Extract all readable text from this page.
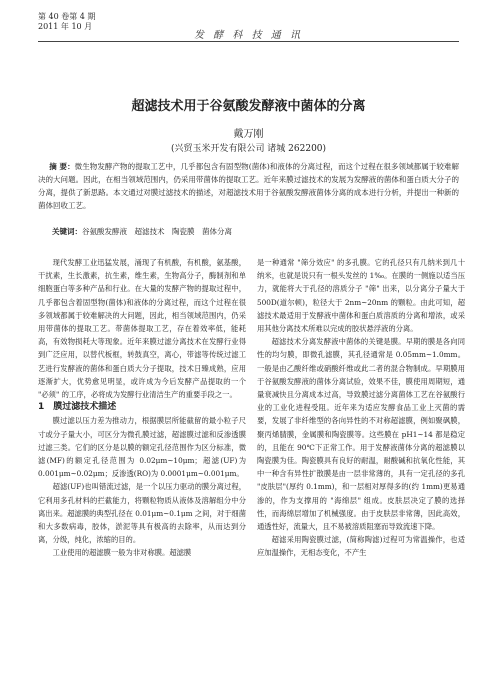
第 40 卷第 4 期
2011 年 10 月
发 酵 科 技 通 讯
超滤技术用于谷氨酸发酵液中菌体的分离
戴万刚
(兴贸玉米开发有限公司 诸城 262200)
摘 要：微生物发酵产物的提取工艺中，几乎都包含有固型物(菌体)和液体的分离过程，而这个过程在很多领域都属于较难解决的大问题。因此，在相当领域范围内，仍采用带菌体的提取工艺。近年来膜过滤技术的发展为发酵液的菌体和蛋白质大分子的分离，提供了新思路。本文通过对膜过滤技术的描述，对超滤技术用于谷氨酸发酵液菌体分离的成本进行分析，并提出一种新的菌体回收工艺。
关键词：谷氨酸发酵液　超滤技术　陶瓷膜　菌体分离

现代发酵工业迅猛发展，涌现了有机酸，有机酸，氨基酸，干扰素，生长激素，抗生素，维生素，生物高分子，酶制剂和单细胞蛋白等多种产品和行业。在大量的发酵产物的提取过程中，几乎都包含着固型物(菌体)和液体的分离过程，而这个过程在很多领域都属于较难解决的大问题，因此，相当领域范围内，仍采用带菌体的提取工艺。带菌体提取工艺，存在着效率低，能耗高，有效物损耗大等现象。近年来膜过滤分离技术在发酵行业得到广泛应用，以替代板框，转鼓真空，离心，带滤等传统过滤工艺进行发酵液的菌体和蛋白质大分子提取，技术日臻成熟，应用逐渐扩大，优势愈见明显，或许成为今后发酵产品提取的一个 "必须" 的工序，必将成为发酵行业清洁生产的重要手段之一。

1　膜过滤技术描述

膜过滤以压力差为推动力，根据膜层所能截留的最小粒子尺寸或分子量大小，可区分为微孔膜过滤，超滤膜过滤和反渗透膜过滤三类。它们的区分是以膜的额定孔径范围作为区分标准，微滤(MF)的额定孔径范围为 0.02μm~10μm；超滤(UF)为 0.001μm~0.02μm；反渗透(RO)为 0.0001μm~0.001μm。

超滤(UF)也叫错流过滤，是一个以压力驱动的膜分离过程，它利用多孔材料的拦截能力，将颗粒物质从液体及溶解组分中分离出来。超滤膜的典型孔径在 0.01μm~0.1μm 之间，对于细菌和大多数病毒，胶体，淤泥等具有极高的去除率，从而达到分离，分级，纯化，浓缩的目的。

工业使用的超滤膜一般为非对称膜。超滤膜

是一种通常 "筛分效应" 的多孔膜。它的孔径只有几纳米到几十纳米，也就是说只有一根头发丝的 1‰。在膜的一侧施以适当压力，就能将大于孔径的溶质分子 "筛" 出来，以分离分子量大于 500D(道尔顿)，粒径大于 2nm~20nm 的颗粒。由此可知，超滤技术最适用于发酵液中菌体和蛋白质溶质的分离和增浓，或采用其他分离技术所难以完成的胶状悬浮液的分离。

超滤技术分离发酵液中菌体的关键是膜。早期的膜是各向同性的均匀膜，即微孔滤膜，其孔径通常是 0.05mm~1.0mm。一般是由乙酸纤维或硝酸纤维或此二者的混合物制成。早期膜用于谷氨酸发酵液的菌体分离试验，效果不佳，膜使用周期短，通量衰减快且分离成本过高，导致膜过滤分离菌体工艺在谷氨酸行业的工业化进程受阻。近年来为适应发酵食品工业上灭菌的需要，发展了非纤维型的各向异性的不对称超滤膜，例如聚砜膜，聚丙烯腈膜，金属膜和陶瓷膜等。这些膜在 pH1~14 都是稳定的，且能在 90℃下正常工作。用于发酵液菌体分离的超滤膜以陶瓷膜为佳。陶瓷膜具有良好的耐温，耐酸碱和抗氧化性能，其中一种含有异性扩散膜是由一层非常薄的，具有一定孔径的多孔 "皮肤层"(厚约 0.1mm)，和一层相对厚得多的(约 1mm)更易通渗的，作为支撑用的 "海绵层" 组成。皮肤层决定了膜的选择性，而海绵层增加了机械强度。由于皮肤层非常薄，因此高效，通透性好，流量大，且不易被溶质阻塞而导致流速下降。

超滤采用陶瓷膜过滤，(简称陶滤)过程可为常温操作，也适应加温操作，无相态变化，不产生
